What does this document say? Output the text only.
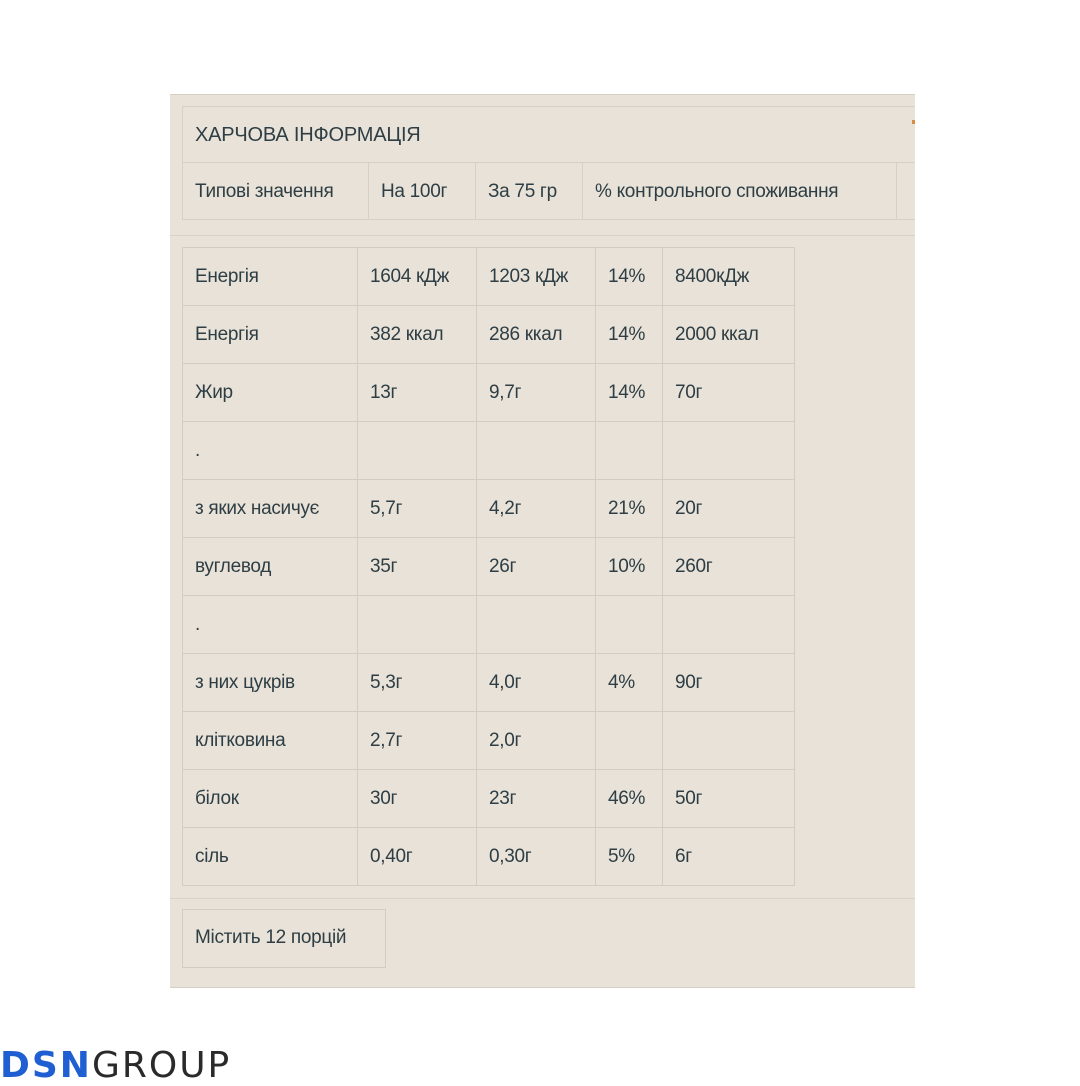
ХАРЧОВА ІНФОРМАЦІЯ
Типові значення	На 100г	За 75 гр	% контрольного споживання
Енергія	1604 кДж	1203 кДж	14%	8400кДж
Енергія	382 ккал	286 ккал	14%	2000 ккал
Жир	13г	9,7г	14%	70г
.				
з яких насичує	5,7г	4,2г	21%	20г
вуглевод	35г	26г	10%	260г
.				
з них цукрів	5,3г	4,0г	4%	90г
клітковина	2,7г	2,0г		
білок	30г	23г	46%	50г
сіль	0,40г	0,30г	5%	6г
Містить 12 порцій
DSNGROUP
